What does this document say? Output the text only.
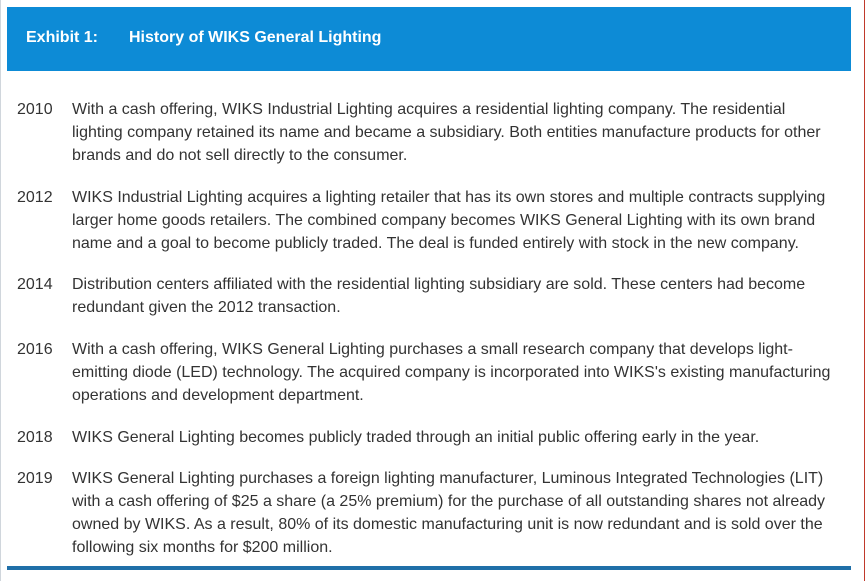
Exhibit 1: History of WIKS General Lighting
2010	With a cash offering, WIKS Industrial Lighting acquires a residential lighting company. The residential lighting company retained its name and became a subsidiary. Both entities manufacture products for other brands and do not sell directly to the consumer.
2012	WIKS Industrial Lighting acquires a lighting retailer that has its own stores and multiple contracts supplying larger home goods retailers. The combined company becomes WIKS General Lighting with its own brand name and a goal to become publicly traded. The deal is funded entirely with stock in the new company.
2014	Distribution centers affiliated with the residential lighting subsidiary are sold. These centers had become redundant given the 2012 transaction.
2016	With a cash offering, WIKS General Lighting purchases a small research company that develops light-emitting diode (LED) technology. The acquired company is incorporated into WIKS's existing manufacturing operations and development department.
2018	WIKS General Lighting becomes publicly traded through an initial public offering early in the year.
2019	WIKS General Lighting purchases a foreign lighting manufacturer, Luminous Integrated Technologies (LIT) with a cash offering of $25 a share (a 25% premium) for the purchase of all outstanding shares not already owned by WIKS. As a result, 80% of its domestic manufacturing unit is now redundant and is sold over the following six months for $200 million.
